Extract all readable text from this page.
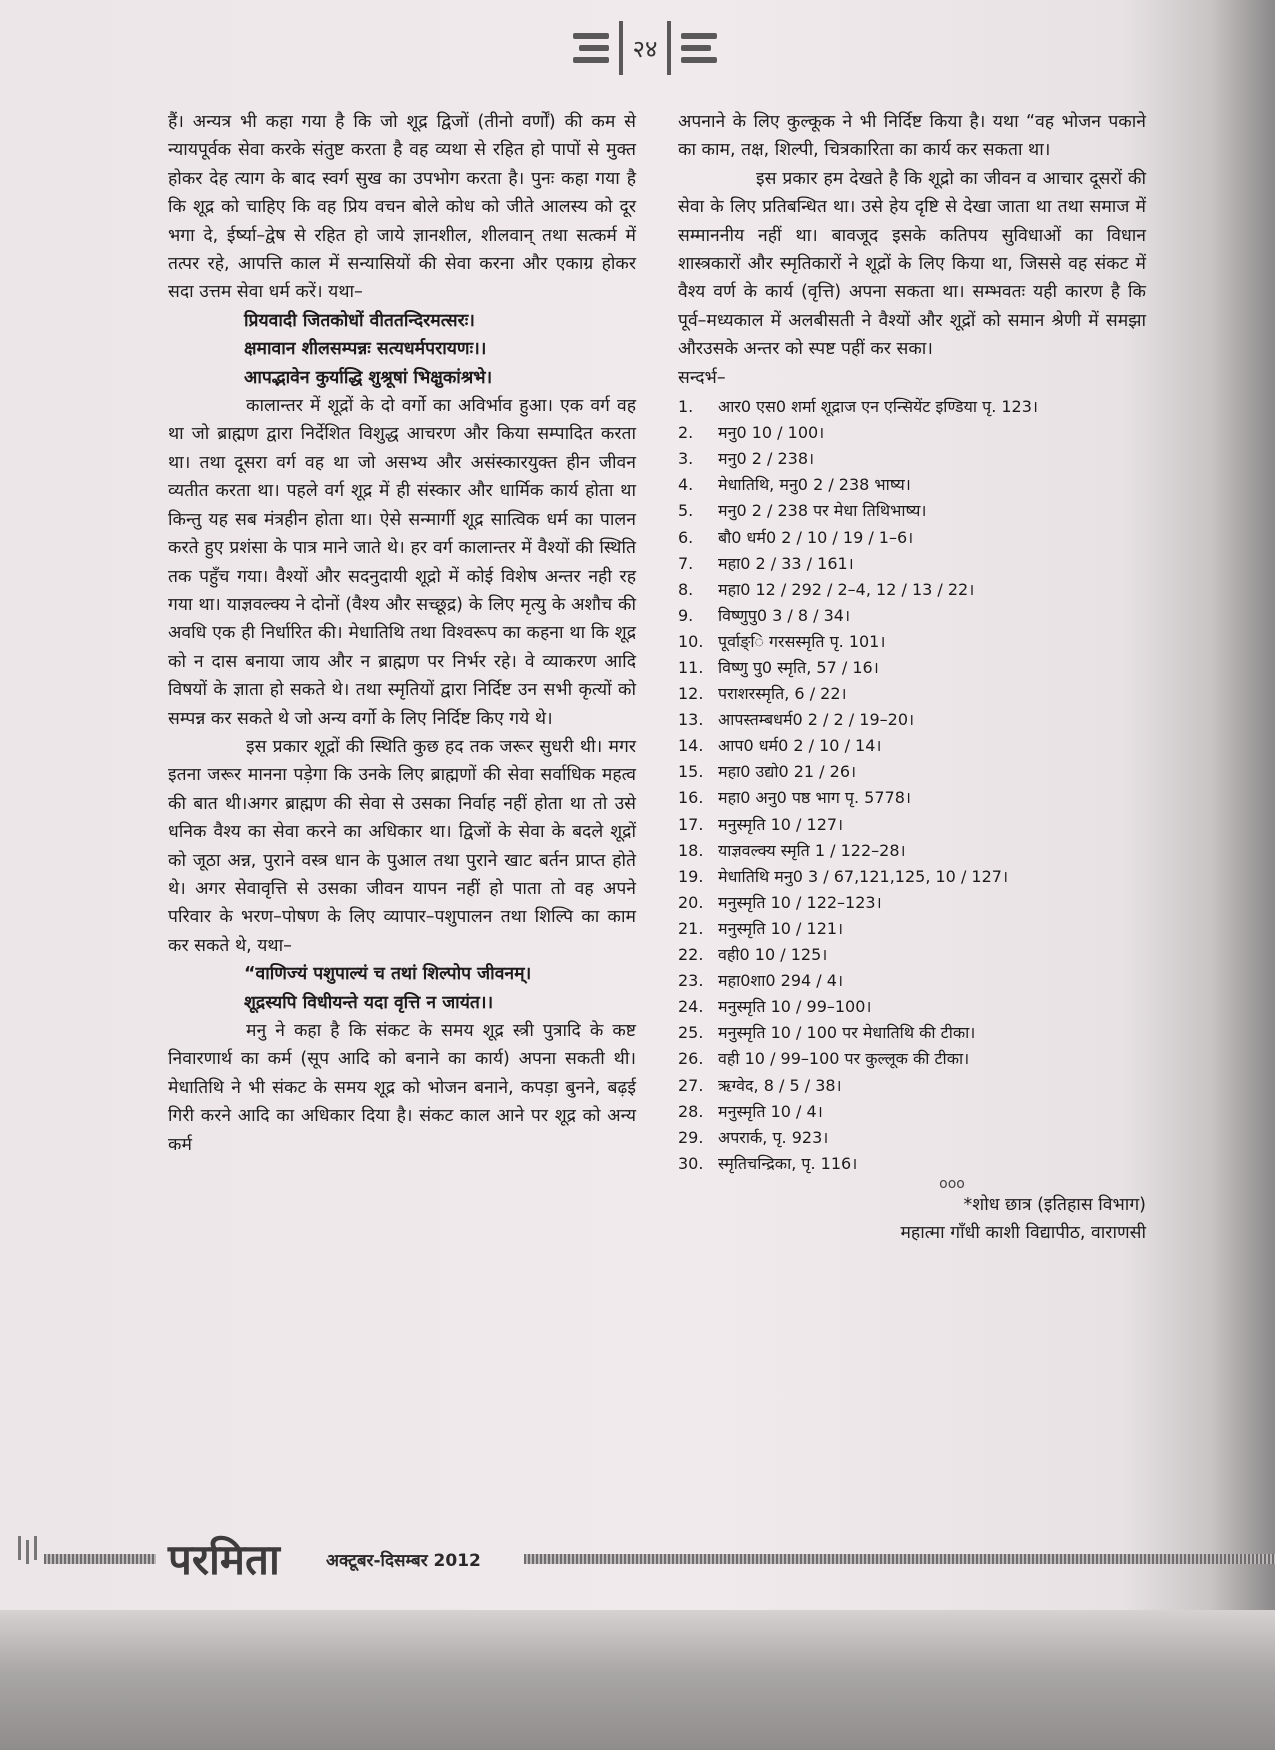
२४

हैं। अन्यत्र भी कहा गया है कि जो शूद्र द्विजों (तीनो वर्णों) की कम से न्यायपूर्वक सेवा करके संतुष्ट करता है वह व्यथा से रहित हो पापों से मुक्त होकर देह त्याग के बाद स्वर्ग सुख का उपभोग करता है। पुनः कहा गया है कि शूद्र को चाहिए कि वह प्रिय वचन बोले कोध को जीते आलस्य को दूर भगा दे, ईर्ष्या–द्वेष से रहित हो जाये ज्ञानशील, शीलवान् तथा सत्कर्म में तत्पर रहे, आपत्ति काल में सन्यासियों की सेवा करना और एकाग्र होकर सदा उत्तम सेवा धर्म करें। यथा–

प्रियवादी जितकोधों वीततन्दिरमत्सरः।

क्षमावान शीलसम्पन्नः सत्यधर्मपरायणः।।

आपद्भावेन कुर्याद्धि शुश्रूषां भिक्षुकांश्रभे।

कालान्तर में शूद्रों के दो वर्गो का अविर्भाव हुआ। एक वर्ग वह था जो ब्राह्मण द्वारा निर्देशित विशुद्ध आचरण और किया सम्पादित करता था। तथा दूसरा वर्ग वह था जो असभ्य और असंस्कारयुक्त हीन जीवन व्यतीत करता था। पहले वर्ग शूद्र में ही संस्कार और धार्मिक कार्य होता था किन्तु यह सब मंत्रहीन होता था। ऐसे सन्मार्गी शूद्र सात्विक धर्म का पालन करते हुए प्रशंसा के पात्र माने जाते थे। हर वर्ग कालान्तर में वैश्यों की स्थिति तक पहुँच गया। वैश्यों और सदनुदायी शूद्रो में कोई विशेष अन्तर नही रह गया था। याज्ञवल्क्य ने दोनों (वैश्य और सच्छूद्र) के लिए मृत्यु के अशौच की अवधि एक ही निर्धारित की। मेधातिथि तथा विश्वरूप का कहना था कि शूद्र को न दास बनाया जाय और न ब्राह्मण पर निर्भर रहे। वे व्याकरण आदि विषयों के ज्ञाता हो सकते थे। तथा स्मृतियों द्वारा निर्दिष्ट उन सभी कृत्यों को सम्पन्न कर सकते थे जो अन्य वर्गो के लिए निर्दिष्ट किए गये थे।

इस प्रकार शूद्रों की स्थिति कुछ हद तक जरूर सुधरी थी। मगर इतना जरूर मानना पड़ेगा कि उनके लिए ब्राह्मणों की सेवा सर्वाधिक महत्व की बात थी।अगर ब्राह्मण की सेवा से उसका निर्वाह नहीं होता था तो उसे धनिक वैश्य का सेवा करने का अधिकार था। द्विजों के सेवा के बदले शूद्रों को जूठा अन्न, पुराने वस्त्र धान के पुआल तथा पुराने खाट बर्तन प्राप्त होते थे। अगर सेवावृत्ति से उसका जीवन यापन नहीं हो पाता तो वह अपने परिवार के भरण–पोषण के लिए व्यापार–पशुपालन तथा शिल्पि का काम कर सकते थे, यथा–

“वाणिज्यं पशुपाल्यं च तथां शिल्पोप जीवनम्।

शूद्रस्यपि विधीयन्ते यदा वृत्ति न जायंत।।

मनु ने कहा है कि संकट के समय शूद्र स्त्री पुत्रादि के कष्ट निवारणार्थ का कर्म (सूप आदि को बनाने का कार्य) अपना सकती थी। मेधातिथि ने भी संकट के समय शूद्र को भोजन बनाने, कपड़ा बुनने, बढ़ई गिरी करने आदि का अधिकार दिया है। संकट काल आने पर शूद्र को अन्य कर्म

अपनाने के लिए कुल्कूक ने भी निर्दिष्ट किया है। यथा “वह भोजन पकाने का काम, तक्ष, शिल्पी, चित्रकारिता का कार्य कर सकता था।

इस प्रकार हम देखते है कि शूद्रो का जीवन व आचार दूसरों की सेवा के लिए प्रतिबन्धित था। उसे हेय दृष्टि से देखा जाता था तथा समाज में सम्माननीय नहीं था। बावजूद इसके कतिपय सुविधाओं का विधान शास्त्रकारों और स्मृतिकारों ने शूद्रों के लिए किया था, जिससे वह संकट में वैश्य वर्ण के कार्य (वृत्ति) अपना सकता था। सम्भवतः यही कारण है कि पूर्व–मध्यकाल में अलबीसती ने वैश्यों और शूद्रों को समान श्रेणी में समझा औरउसके अन्तर को स्पष्ट पहीं कर सका।

सन्दर्भ–

1.	आर0 एस0 शर्मा शूद्राज एन एन्सियेंट इण्डिया पृ. 123।
2.	मनु0 10 / 100।
3.	मनु0 2 / 238।
4.	मेधातिथि, मनु0 2 / 238 भाष्य।
5.	मनु0 2 / 238 पर मेधा तिथिभाष्य।
6.	बौ0 धर्म0 2 / 10 / 19 / 1–6।
7.	महा0 2 / 33 / 161।
8.	महा0 12 / 292 / 2–4, 12 / 13 / 22।
9.	विष्णुपु0 3 / 8 / 34।
10. पूर्वाङ्ि गरसस्मृति पृ. 101।
11. विष्णु पु0 स्मृति, 57 / 16।
12. पराशरस्मृति, 6 / 22।
13. आपस्तम्बधर्म0 2 / 2 / 19–20।
14. आप0 धर्म0 2 / 10 / 14।
15. महा0 उद्यो0 21 / 26।
16. महा0 अनु0 पष्ठ भाग पृ. 5778।
17. मनुस्मृति 10 / 127।
18. याज्ञवल्क्य स्मृति 1 / 122–28।
19. मेधातिथि मनु0 3 / 67,121,125, 10 / 127।
20. मनुस्मृति 10 / 122–123।
21. मनुस्मृति 10 / 121।
22. वही0 10 / 125।
23. महा0शा0 294 / 4।
24. मनुस्मृति 10 / 99–100।
25. मनुस्मृति 10 / 100 पर मेधातिथि की टीका।
26. वही 10 / 99–100 पर कुल्लूक की टीका।
27. ऋग्वेद, 8 / 5 / 38।
28. मनुस्मृति 10 / 4।
29. अपरार्क, पृ. 923।
30. स्मृतिचन्द्रिका, पृ. 116।

ooo

*शोध छात्र (इतिहास विभाग)

महात्मा गाँधी काशी विद्यापीठ, वाराणसी

परमिता	अक्टूबर-दिसम्बर 2012
